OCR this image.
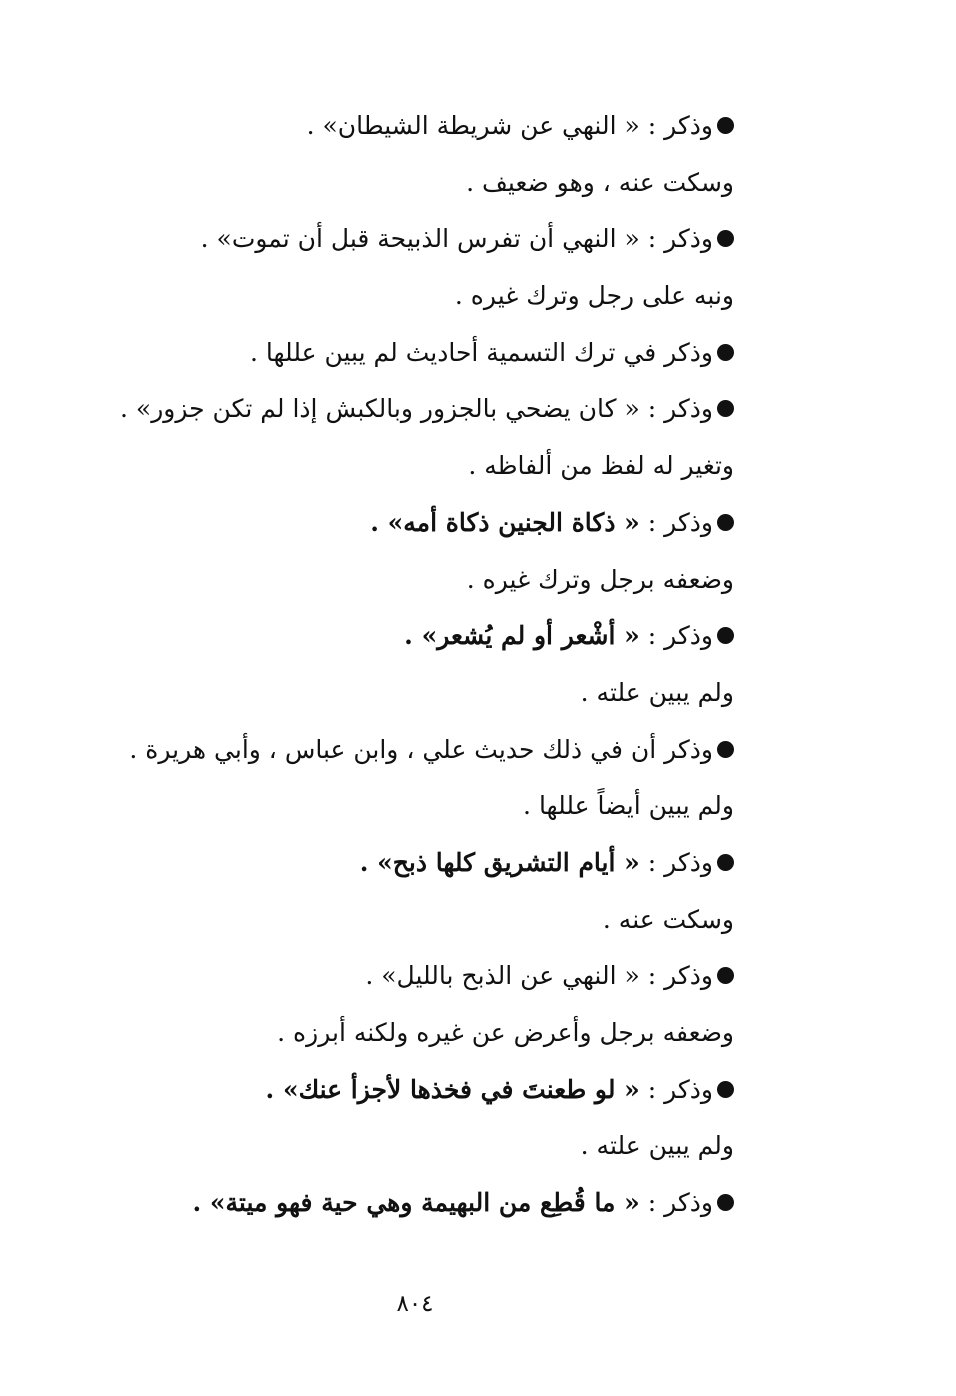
وذكر : « النهي عن شريطة الشيطان» .
وسكت عنه ، وهو ضعيف .
وذكر : « النهي أن تفرس الذبيحة قبل أن تموت» .
ونبه على رجل وترك غيره .
وذكر في ترك التسمية أحاديث لم يبين عللها .
وذكر : « كان يضحي بالجزور وبالكبش إذا لم تكن جزور» .
وتغير له لفظ من ألفاظه .
وذكر : « ذكاة الجنين ذكاة أمه» .
وضعفه برجل وترك غيره .
وذكر : « أشْعر أو لم يُشعر» .
ولم يبين علته .
وذكر أن في ذلك حديث علي ، وابن عباس ، وأبي هريرة .
ولم يبين أيضاً عللها .
وذكر : « أيام التشريق كلها ذبح» .
وسكت عنه .
وذكر : « النهي عن الذبح بالليل» .
وضعفه برجل وأعرض عن غيره ولكنه أبرزه .
وذكر : « لو طعنتَ في فخذها لأجزأ عنك» .
ولم يبين علته .
وذكر : « ما قُطِع من البهيمة وهي حية فهو ميتة» .
٨٠٤
